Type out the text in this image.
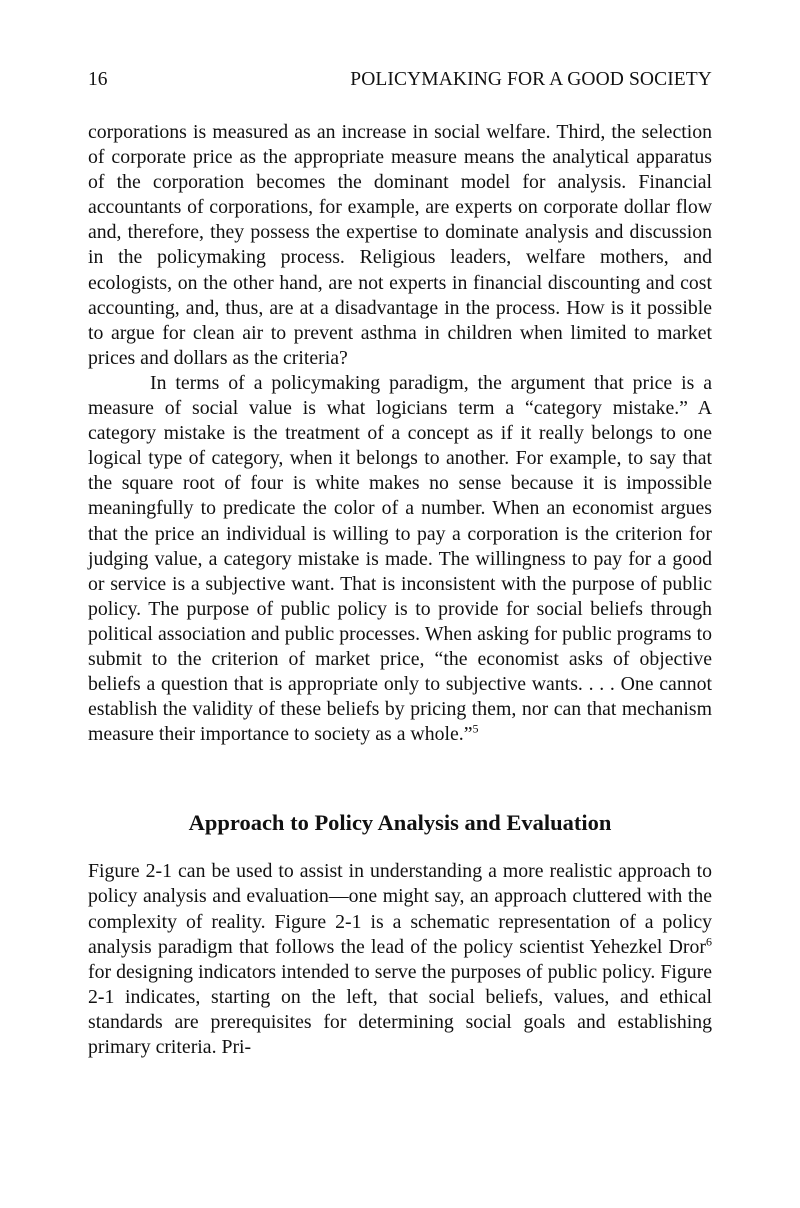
16	POLICYMAKING FOR A GOOD SOCIETY

corporations is measured as an increase in social welfare. Third, the selection of corporate price as the appropriate measure means the analytical apparatus of the corporation becomes the dominant model for analysis. Financial accountants of corporations, for example, are experts on corporate dollar flow and, therefore, they possess the expertise to dominate analysis and discussion in the policymaking process. Religious leaders, welfare mothers, and ecologists, on the other hand, are not experts in financial discounting and cost accounting, and, thus, are at a disadvantage in the process. How is it possible to argue for clean air to prevent asthma in children when limited to market prices and dollars as the criteria?

In terms of a policymaking paradigm, the argument that price is a measure of social value is what logicians term a “category mistake.” A category mistake is the treatment of a concept as if it really belongs to one logical type of category, when it belongs to another. For example, to say that the square root of four is white makes no sense because it is impossible meaningfully to predicate the color of a number. When an economist argues that the price an individual is willing to pay a corporation is the criterion for judging value, a category mistake is made. The willingness to pay for a good or service is a subjective want. That is inconsistent with the purpose of public policy. The purpose of public policy is to provide for social beliefs through political association and public processes. When asking for public programs to submit to the criterion of market price, “the economist asks of objective beliefs a question that is appropriate only to subjective wants. . . . One cannot establish the validity of these beliefs by pricing them, nor can that mechanism measure their importance to society as a whole.”$^5$

Approach to Policy Analysis and Evaluation

Figure 2-1 can be used to assist in understanding a more realistic approach to policy analysis and evaluation—one might say, an approach cluttered with the complexity of reality. Figure 2-1 is a schematic representation of a policy analysis paradigm that follows the lead of the policy scientist Yehezkel Dror$^6$ for designing indicators intended to serve the purposes of public policy. Figure 2-1 indicates, starting on the left, that social beliefs, values, and ethical standards are prerequisites for determining social goals and establishing primary criteria. Pri-
